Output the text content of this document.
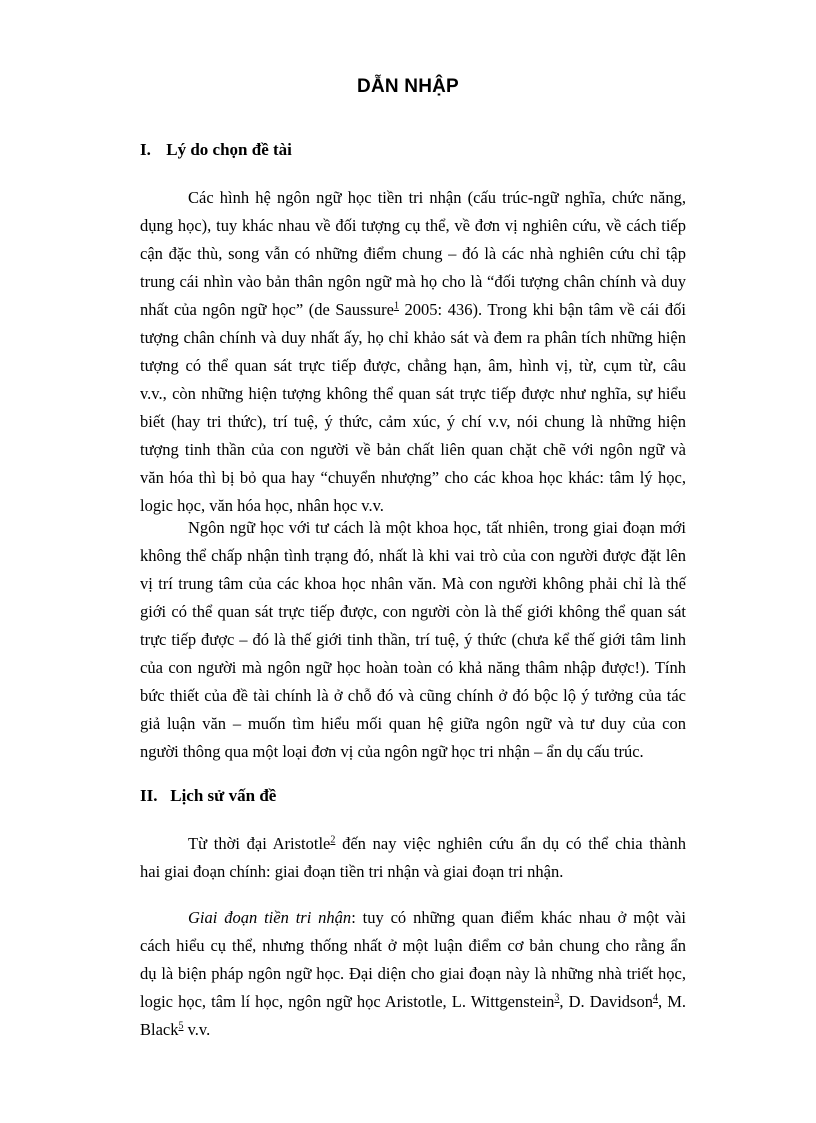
DẪN NHẬP
I. Lý do chọn đề tài
Các hình hệ ngôn ngữ học tiền tri nhận (cấu trúc-ngữ nghĩa, chức năng,
dụng học), tuy khác nhau về đối tượng cụ thể, về đơn vị nghiên cứu, về cách tiếp
cận đặc thù, song vẫn có những điểm chung – đó là các nhà nghiên cứu chỉ tập
trung cái nhìn vào bản thân ngôn ngữ mà họ cho là “đối tượng chân chính và duy
nhất của ngôn ngữ học” (de Saussure$^1$ 2005: 436). Trong khi bận tâm về cái đối
tượng chân chính và duy nhất ấy, họ chỉ khảo sát và đem ra phân tích những hiện
tượng có thể quan sát trực tiếp được, chẳng hạn, âm, hình vị, từ, cụm từ, câu
v.v., còn những hiện tượng không thể quan sát trực tiếp được như nghĩa, sự hiểu
biết (hay tri thức), trí tuệ, ý thức, cảm xúc, ý chí v.v, nói chung là những hiện
tượng tinh thần của con người về bản chất liên quan chặt chẽ với ngôn ngữ và
văn hóa thì bị bỏ qua hay “chuyển nhượng” cho các khoa học khác: tâm lý học,
logic học, văn hóa học, nhân học v.v.
Ngôn ngữ học với tư cách là một khoa học, tất nhiên, trong giai đoạn mới
không thể chấp nhận tình trạng đó, nhất là khi vai trò của con người được đặt lên
vị trí trung tâm của các khoa học nhân văn. Mà con người không phải chỉ là thế
giới có thể quan sát trực tiếp được, con người còn là thế giới không thể quan sát
trực tiếp được – đó là thế giới tinh thần, trí tuệ, ý thức (chưa kể thế giới tâm linh
của con người mà ngôn ngữ học hoàn toàn có khả năng thâm nhập được!). Tính
bức thiết của đề tài chính là ở chỗ đó và cũng chính ở đó bộc lộ ý tưởng của tác
giả luận văn – muốn tìm hiểu mối quan hệ giữa ngôn ngữ và tư duy của con
người thông qua một loại đơn vị của ngôn ngữ học tri nhận – ẩn dụ cấu trúc.
II. Lịch sử vấn đề
Từ thời đại Aristotle$^2$ đến nay việc nghiên cứu ẩn dụ có thể chia thành
hai giai đoạn chính: giai đoạn tiền tri nhận và giai đoạn tri nhận.
Giai đoạn tiền tri nhận: tuy có những quan điểm khác nhau ở một vài
cách hiểu cụ thể, nhưng thống nhất ở một luận điểm cơ bản chung cho rằng ẩn
dụ là biện pháp ngôn ngữ học. Đại diện cho giai đoạn này là những nhà triết học,
logic học, tâm lí học, ngôn ngữ học Aristotle, L. Wittgenstein$^3$, D. Davidson$^4$, M.
Black$^5$ v.v.
